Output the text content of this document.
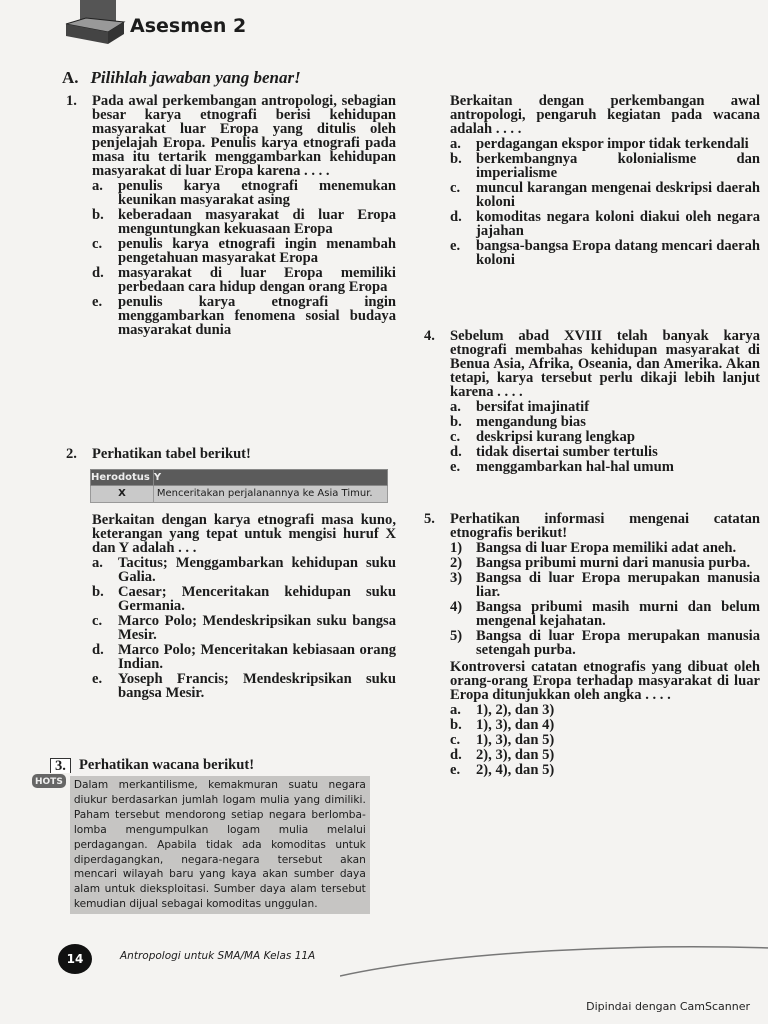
Asesmen 2
A. Pilihlah jawaban yang benar!
1.	Pada awal perkembangan antropologi, sebagian besar karya etnografi berisi kehidupan masyarakat luar Eropa yang ditulis oleh penjelajah Eropa. Penulis karya etnografi pada masa itu tertarik menggambarkan kehidupan masyarakat di luar Eropa karena . . . .
a.	penulis karya etnografi menemukan keunikan masyarakat asing
b. keberadaan masyarakat di luar Eropa menguntungkan kekuasaan Eropa
c.	penulis karya etnografi ingin menambah pengetahuan masyarakat Eropa
d. masyarakat di luar Eropa memiliki perbedaan cara hidup dengan orang Eropa
e.	penulis karya etnografi ingin menggambarkan fenomena sosial budaya masyarakat dunia
2.	Perhatikan tabel berikut!
Herodotus	Y
X	Menceritakan perjalanannya ke Asia Timur.
Berkaitan dengan karya etnografi masa kuno, keterangan yang tepat untuk mengisi huruf X dan Y adalah . . .
a.	Tacitus; Menggambarkan kehidupan suku Galia.
b. Caesar; Menceritakan kehidupan suku Germania.
c.	Marco Polo; Mendeskripsikan suku bangsa Mesir.
d. Marco Polo; Menceritakan kebiasaan orang Indian.
e.	Yoseph Francis; Mendeskripsikan suku bangsa Mesir.
3. Perhatikan wacana berikut!
HOTS	Dalam merkantilisme, kemakmuran suatu negara diukur berdasarkan jumlah logam mulia yang dimiliki. Paham tersebut mendorong setiap negara berlomba-lomba mengumpulkan logam mulia melalui perdagangan. Apabila tidak ada komoditas untuk diperdagangkan, negara-negara tersebut akan mencari wilayah baru yang kaya akan sumber daya alam untuk dieksploitasi. Sumber daya alam tersebut kemudian dijual sebagai komoditas unggulan.
Berkaitan dengan perkembangan awal antropologi, pengaruh kegiatan pada wacana adalah . . . .
a.	perdagangan ekspor impor tidak terkendali
b. berkembangnya kolonialisme dan imperialisme
c.	muncul karangan mengenai deskripsi daerah koloni
d. komoditas negara koloni diakui oleh negara jajahan
e.	bangsa-bangsa Eropa datang mencari daerah koloni
4.	Sebelum abad XVIII telah banyak karya etnografi membahas kehidupan masyarakat di Benua Asia, Afrika, Oseania, dan Amerika. Akan tetapi, karya tersebut perlu dikaji lebih lanjut karena . . . .
a.	bersifat imajinatif
b. mengandung bias
c.	deskripsi kurang lengkap
d. tidak disertai sumber tertulis
e.	menggambarkan hal-hal umum
5.	Perhatikan informasi mengenai catatan etnografis berikut!
1) Bangsa di luar Eropa memiliki adat aneh.
2) Bangsa pribumi murni dari manusia purba.
3) Bangsa di luar Eropa merupakan manusia liar.
4) Bangsa pribumi masih murni dan belum mengenal kejahatan.
5) Bangsa di luar Eropa merupakan manusia setengah purba.
Kontroversi catatan etnografis yang dibuat oleh orang-orang Eropa terhadap masyarakat di luar Eropa ditunjukkan oleh angka . . . .
a.	1), 2), dan 3)
b. 1), 3), dan 4)
c.	1), 3), dan 5)
d. 2), 3), dan 5)
e.	2), 4), dan 5)
14	Antropologi untuk SMA/MA Kelas 11A
Dipindai dengan CamScanner
